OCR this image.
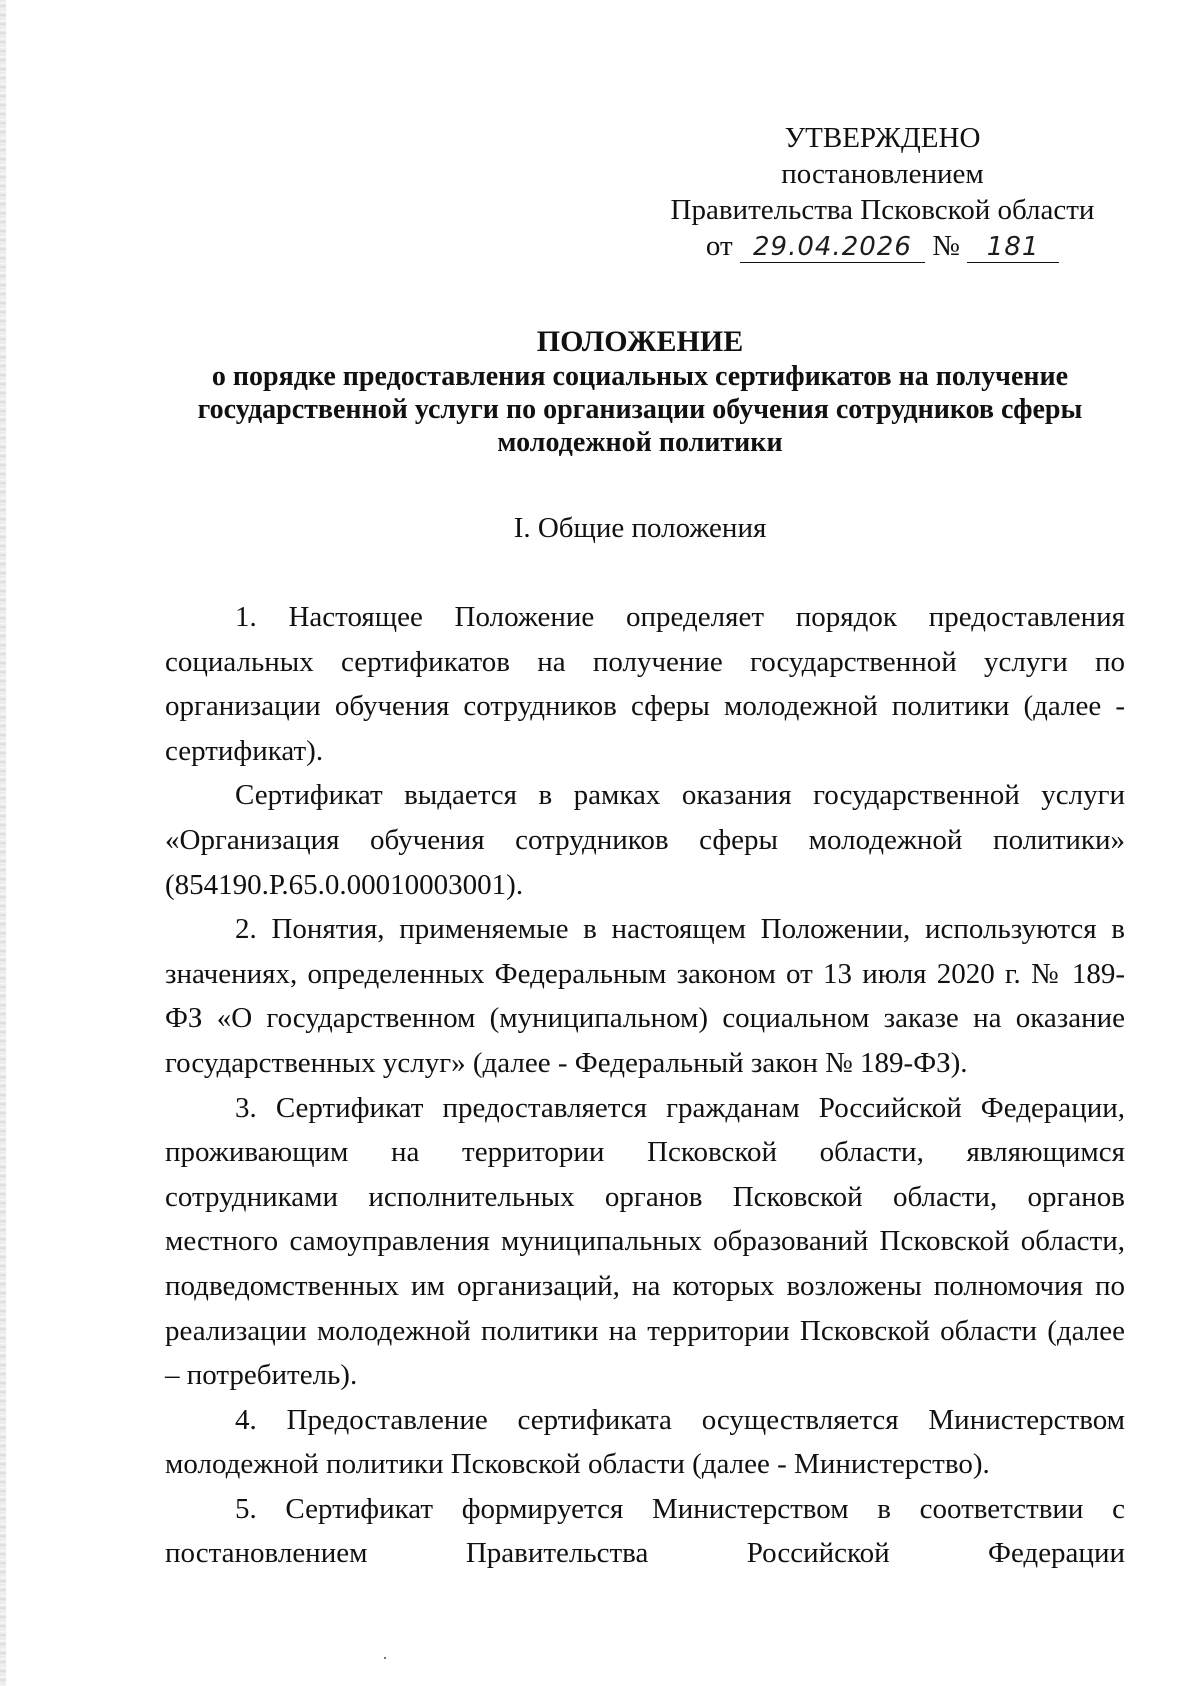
УТВЕРЖДЕНО
постановлением
Правительства Псковской области
от 29.04.2026 № 181
ПОЛОЖЕНИЕ
о порядке предоставления социальных сертификатов на получение государственной услуги по организации обучения сотрудников сферы молодежной политики
I. Общие положения

1. Настоящее Положение определяет порядок предоставления социальных сертификатов на получение государственной услуги по организации обучения сотрудников сферы молодежной политики (далее - сертификат).

Сертификат выдается в рамках оказания государственной услуги «Организация обучения сотрудников сферы молодежной политики» (854190.Р.65.0.00010003001).

2. Понятия, применяемые в настоящем Положении, используются в значениях, определенных Федеральным законом от 13 июля 2020 г. № 189-ФЗ «О государственном (муниципальном) социальном заказе на оказание государственных услуг» (далее - Федеральный закон № 189-ФЗ).

3. Сертификат предоставляется гражданам Российской Федерации, проживающим на территории Псковской области, являющимся сотрудниками исполнительных органов Псковской области, органов местного самоуправления муниципальных образований Псковской области, подведомственных им организаций, на которых возложены полномочия по реализации молодежной политики на территории Псковской области (далее – потребитель).

4. Предоставление сертификата осуществляется Министерством молодежной политики Псковской области (далее - Министерство).

5. Сертификат формируется Министерством в соответствии с постановлением Правительства Российской Федерации
